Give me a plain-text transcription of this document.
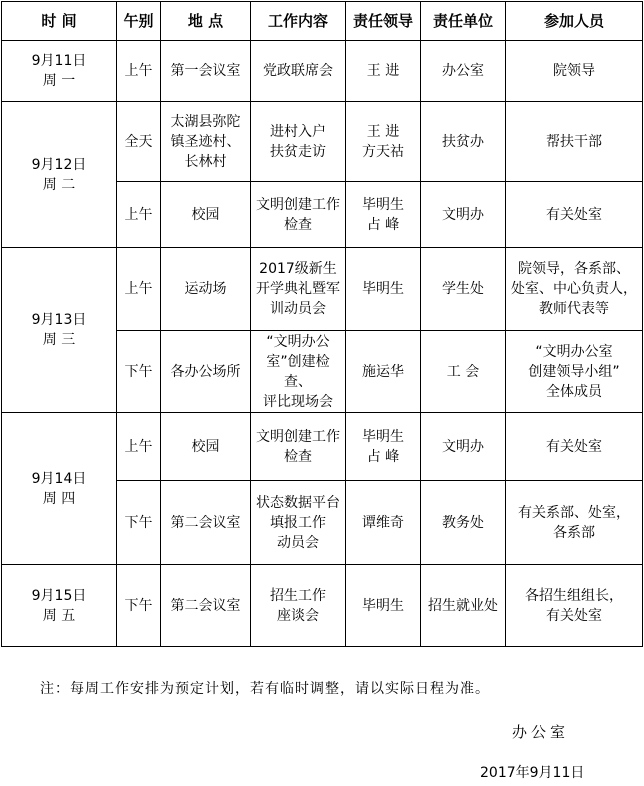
时 间	午别	地 点	工作内容	责任领导	责任单位	参加人员
9月11日
周 一	上午	第一会议室	党政联席会	王 进	办公室	院领导
9月12日
周 二	全天	太湖县弥陀
镇圣迹村、
长林村	进村入户
扶贫走访	王 进
方天祜	扶贫办	帮扶干部
	上午	校园	文明创建工作
检查	毕明生
占 峰	文明办	有关处室
9月13日
周 三	上午	运动场	2017级新生
开学典礼暨军
训动员会	毕明生	学生处	院领导，各系部、
处室、中心负责人，
教师代表等
	下午	各办公场所	“文明办公
室”创建检查、
评比现场会	施运华	工 会	“文明办公室
创建领导小组”
全体成员
9月14日
周 四	上午	校园	文明创建工作
检查	毕明生
占 峰	文明办	有关处室
	下午	第二会议室	状态数据平台
填报工作
动员会	谭维奇	教务处	有关系部、处室，
各系部
9月15日
周 五	下午	第二会议室	招生工作
座谈会	毕明生	招生就业处	各招生组组长，
有关处室
注：每周工作安排为预定计划，若有临时调整，请以实际日程为准。
办公室
2017年9月11日
